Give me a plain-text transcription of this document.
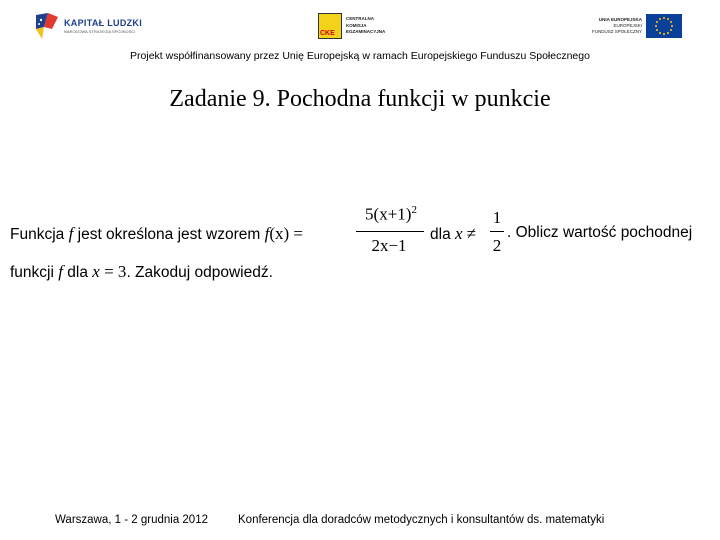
KAPITAŁ LUDZKI
NARODOWA STRATEGIA SPÓJNOŚCI	CKE
CENTRALNA
KOMISJA
EGZAMINACYJNA
UNIA EUROPEJSKA
EUROPEJSKI
FUNDUSZ SPOŁECZNY
Projekt współfinansowany przez Unię Europejską w ramach Europejskiego Funduszu Społecznego
Zadanie 9. Pochodna funkcji w punkcie
Funkcja f jest określona jest wzorem f(x) =
$5(x+1)^2$
2x−1
dla x ≠
1
2
. Oblicz wartość pochodnej
funkcji f dla x = 3. Zakoduj odpowiedź.
Warszawa, 1 - 2 grudnia 2012	Konferencja dla doradców metodycznych i konsultantów ds. matematyki
